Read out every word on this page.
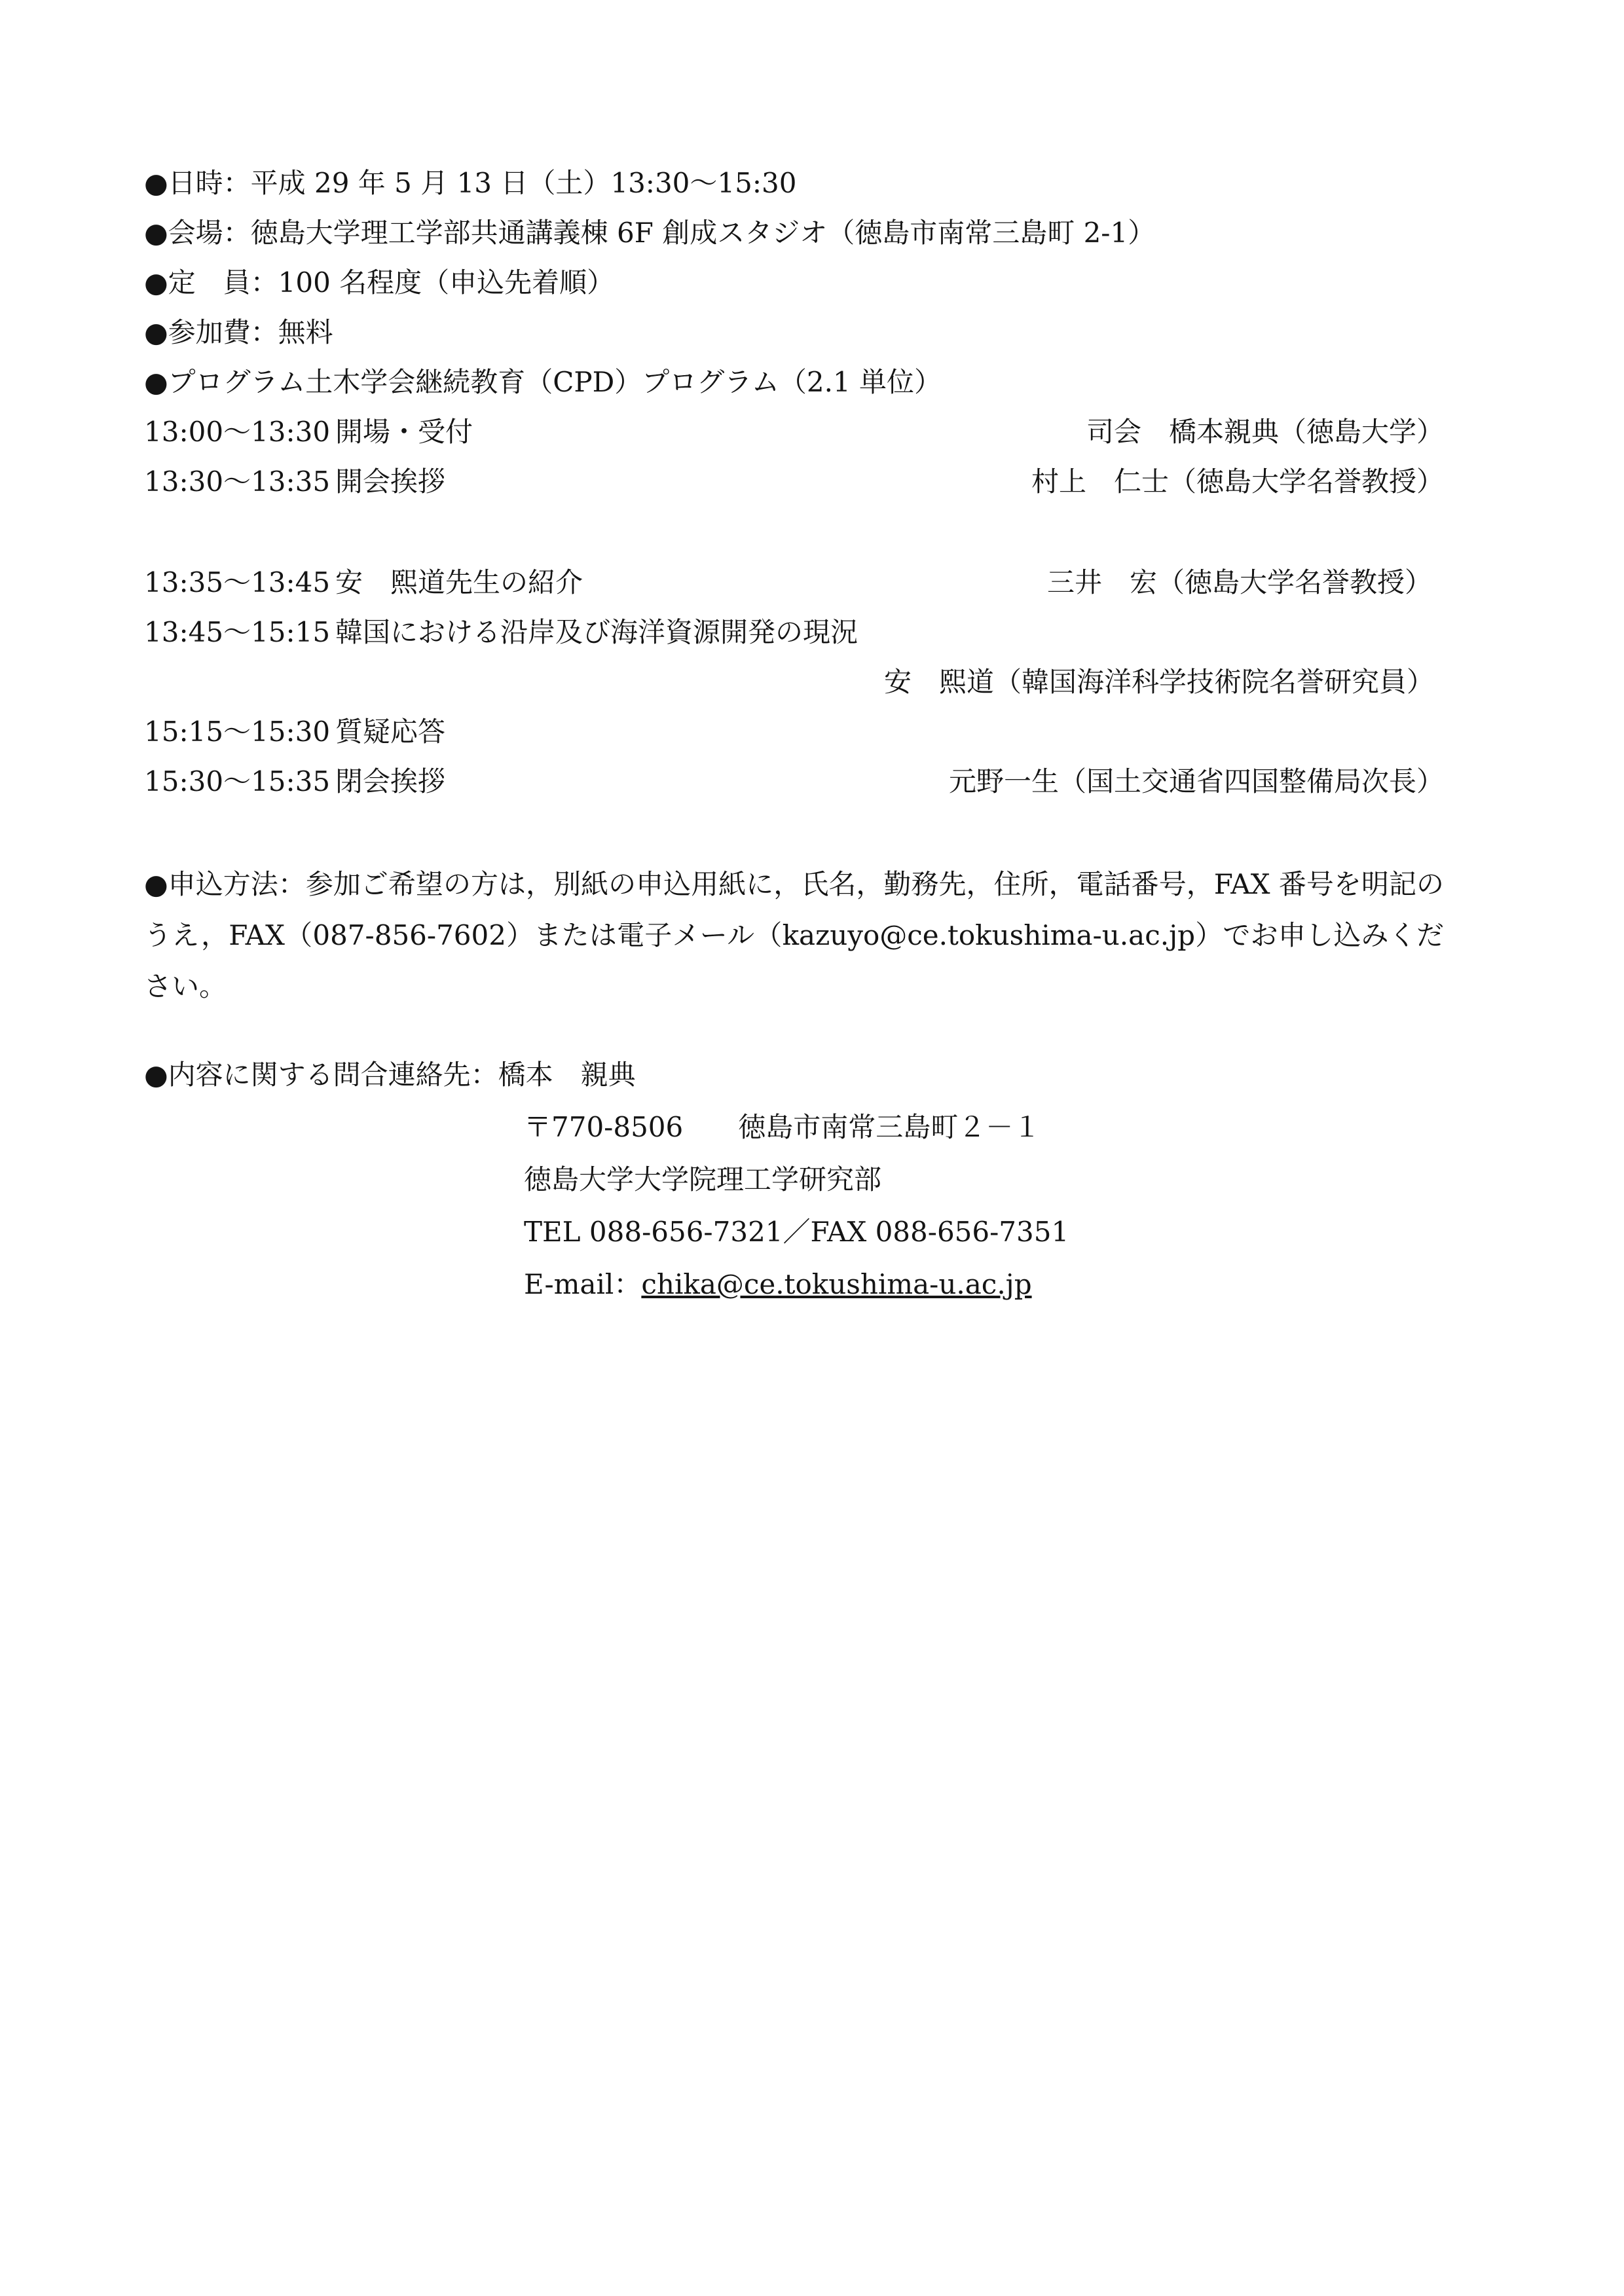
●日時：平成 29 年 5 月 13 日（土）13:30〜15:30
●会場：徳島大学理工学部共通講義棟 6F 創成スタジオ（徳島市南常三島町 2-1）
●定　員：100 名程度（申込先着順）
●参加費：無料
●プログラム土木学会継続教育（CPD）プログラム（2.1 単位）
13:00〜13:30 開場・受付	司会　橋本親典（徳島大学）
13:30〜13:35 開会挨拶	村上　仁士（徳島大学名誉教授）
13:35〜13:45 安　熙道先生の紹介	三井　宏（徳島大学名誉教授）
13:45〜15:15 韓国における沿岸及び海洋資源開発の現況
安　熙道（韓国海洋科学技術院名誉研究員）
15:15〜15:30 質疑応答
15:30〜15:35 閉会挨拶	元野一生（国土交通省四国整備局次長）
●申込方法：参加ご希望の方は，別紙の申込用紙に，氏名，勤務先，住所，電話番号，FAX 番号を明記のうえ，FAX（087-856-7602）または電子メール（kazuyo@ce.tokushima-u.ac.jp）でお申し込みください。
●内容に関する問合連絡先：橋本　親典
〒770-8506　　徳島市南常三島町２－１
徳島大学大学院理工学研究部
TEL 088-656-7321／FAX 088-656-7351
E-mail：chika@ce.tokushima-u.ac.jp
